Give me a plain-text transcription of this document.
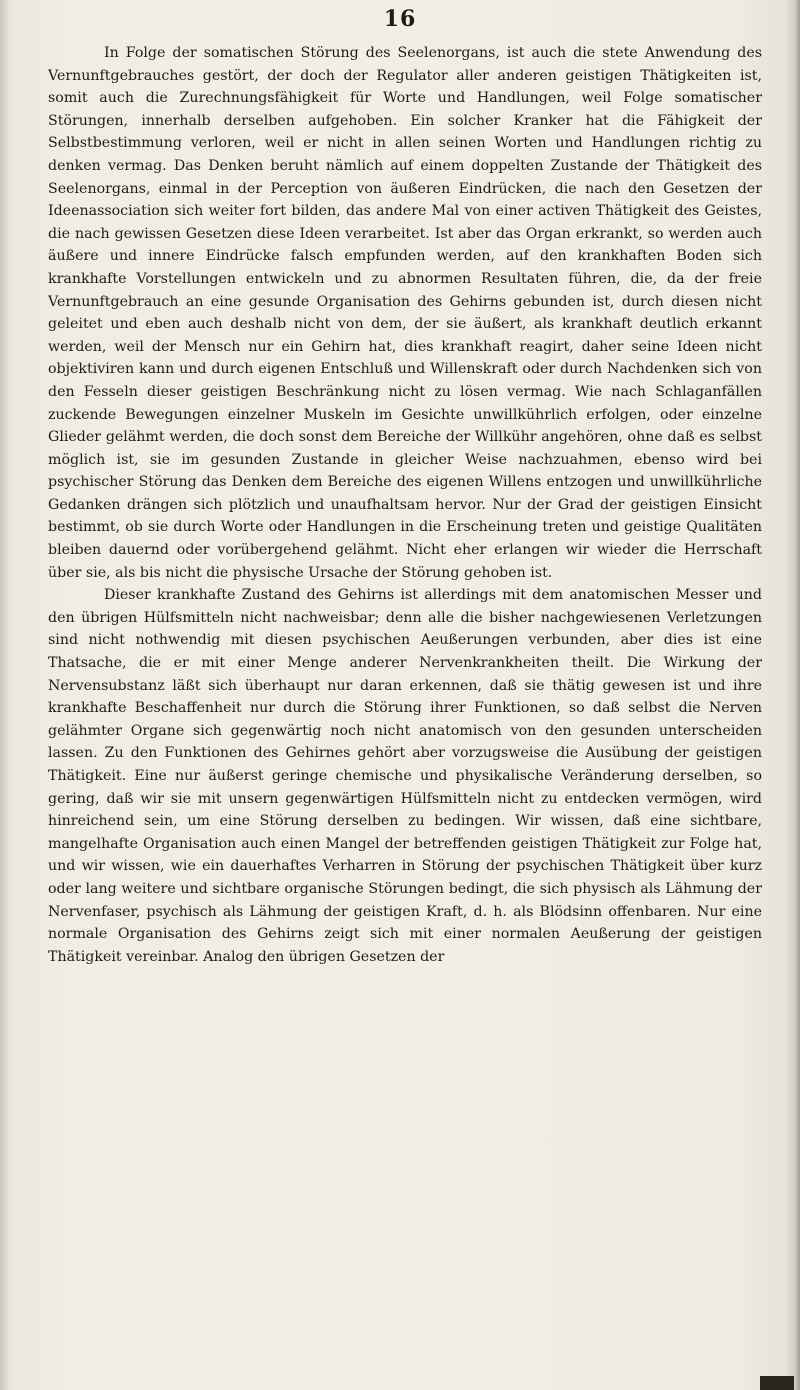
16

In Folge der somatischen Störung des Seelenorgans, ist auch die stete Anwendung des Vernunftgebrauches gestört, der doch der Regulator aller anderen geistigen Thätigkeiten ist, somit auch die Zurechnungsfähigkeit für Worte und Handlungen, weil Folge somatischer Störungen, innerhalb derselben aufgehoben. Ein solcher Kranker hat die Fähigkeit der Selbstbestimmung verloren, weil er nicht in allen seinen Worten und Handlungen richtig zu denken vermag. Das Denken beruht nämlich auf einem doppelten Zustande der Thätigkeit des Seelenorgans, einmal in der Perception von äußeren Eindrücken, die nach den Gesetzen der Ideenassociation sich weiter fort bilden, das andere Mal von einer activen Thätigkeit des Geistes, die nach gewissen Gesetzen diese Ideen verarbeitet. Ist aber das Organ erkrankt, so werden auch äußere und innere Eindrücke falsch empfunden werden, auf den krankhaften Boden sich krankhafte Vorstellungen entwickeln und zu abnormen Resultaten führen, die, da der freie Vernunftgebrauch an eine gesunde Organisation des Gehirns gebunden ist, durch diesen nicht geleitet und eben auch deshalb nicht von dem, der sie äußert, als krankhaft deutlich erkannt werden, weil der Mensch nur ein Gehirn hat, dies krankhaft reagirt, daher seine Ideen nicht objektiviren kann und durch eigenen Entschluß und Willenskraft oder durch Nachdenken sich von den Fesseln dieser geistigen Beschränkung nicht zu lösen vermag. Wie nach Schlaganfällen zuckende Bewegungen einzelner Muskeln im Gesichte unwillkührlich erfolgen, oder einzelne Glieder gelähmt werden, die doch sonst dem Bereiche der Willkühr angehören, ohne daß es selbst möglich ist, sie im gesunden Zustande in gleicher Weise nachzuahmen, ebenso wird bei psychischer Störung das Denken dem Bereiche des eigenen Willens entzogen und unwillkührliche Gedanken drängen sich plötzlich und unaufhaltsam hervor. Nur der Grad der geistigen Einsicht bestimmt, ob sie durch Worte oder Handlungen in die Erscheinung treten und geistige Qualitäten bleiben dauernd oder vorübergehend gelähmt. Nicht eher erlangen wir wieder die Herrschaft über sie, als bis nicht die physische Ursache der Störung gehoben ist.

Dieser krankhafte Zustand des Gehirns ist allerdings mit dem anatomischen Messer und den übrigen Hülfsmitteln nicht nachweisbar; denn alle die bisher nachgewiesenen Verletzungen sind nicht nothwendig mit diesen psychischen Aeußerungen verbunden, aber dies ist eine Thatsache, die er mit einer Menge anderer Nervenkrankheiten theilt. Die Wirkung der Nervensubstanz läßt sich überhaupt nur daran erkennen, daß sie thätig gewesen ist und ihre krankhafte Beschaffenheit nur durch die Störung ihrer Funktionen, so daß selbst die Nerven gelähmter Organe sich gegenwärtig noch nicht anatomisch von den gesunden unterscheiden lassen. Zu den Funktionen des Gehirnes gehört aber vorzugsweise die Ausübung der geistigen Thätigkeit. Eine nur äußerst geringe chemische und physikalische Veränderung derselben, so gering, daß wir sie mit unsern gegenwärtigen Hülfsmitteln nicht zu entdecken vermögen, wird hinreichend sein, um eine Störung derselben zu bedingen. Wir wissen, daß eine sichtbare, mangelhafte Organisation auch einen Mangel der betreffenden geistigen Thätigkeit zur Folge hat, und wir wissen, wie ein dauerhaftes Verharren in Störung der psychischen Thätigkeit über kurz oder lang weitere und sichtbare organische Störungen bedingt, die sich physisch als Lähmung der Nervenfaser, psychisch als Lähmung der geistigen Kraft, d. h. als Blödsinn offenbaren. Nur eine normale Organisation des Gehirns zeigt sich mit einer normalen Aeußerung der geistigen Thätigkeit vereinbar. Analog den übrigen Gesetzen der
